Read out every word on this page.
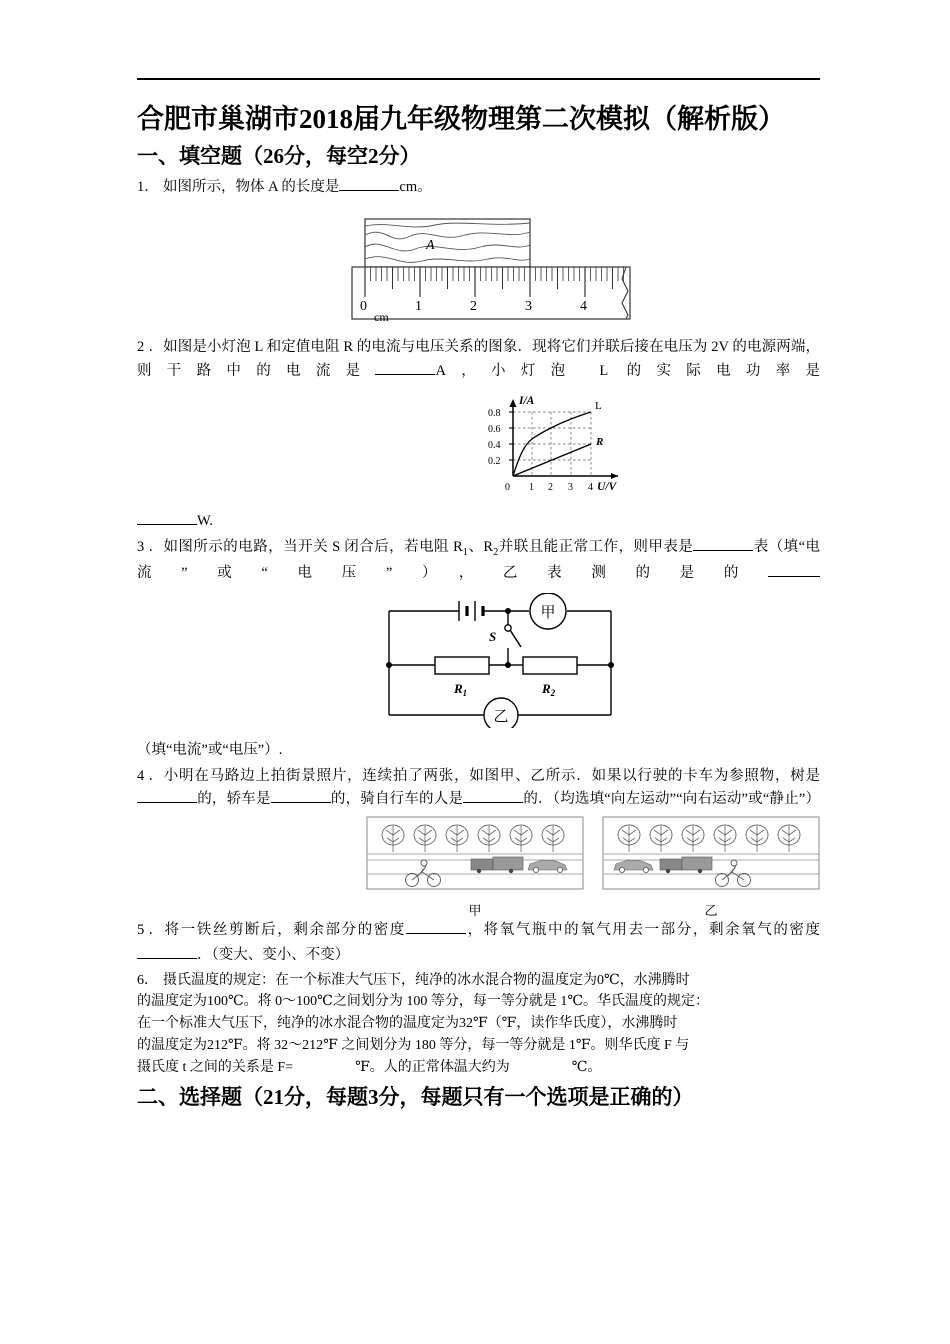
合肥市巢湖市2018届九年级物理第二次模拟（解析版）
一、填空题（26分，每空2分）

1． 如图所示，物体 A 的长度是	cm。

A
0	1	2	3	4
cm

2．如图是小灯泡 L 和定值电阻 R 的电流与电压关系的图象．现将它们并联后接在电压为 2V 的电源两端，则干路中的电流是	A，小灯泡 L 的实际电功率是

I/A
U/V
L
R
0.8
0.6
0.4
0.2
0 1 2 3 4

W.

3．如图所示的电路，当开关 S 闭合后，若电阻 $R_1$、$R_2$并联且能正常工作，则甲表是	表（填“电流”或“电压”），乙表测的是的

S
甲
乙
$R_1$	$R_2$

（填“电流”或“电压”）.

4．小明在马路边上拍街景照片，连续拍了两张，如图甲、乙所示．如果以行驶的卡车为参照物，树是的，轿车是	的，骑自行车的人是	的．（均选填“向左运动”“向右运动”或“静止”）

甲	乙

5．将一铁丝剪断后，剩余部分的密度	，将氧气瓶中的氧气用去一部分，剩余氧气的密度

．（变大、变小、不变）

6． 摄氏温度的规定：在一个标准大气压下，纯净的冰水混合物的温度定为0℃，水沸腾时

的温度定为100℃。将 0～100℃之间划分为 100 等分，每一等分就是 1℃。华氏温度的规定：

在一个标准大气压下，纯净的冰水混合物的温度定为32℉（℉，读作华氏度），水沸腾时

的温度定为212℉。将 32～212℉ 之间划分为 180 等分，每一等分就是 1℉。则华氏度 F 与

摄氏度 t 之间的关系是 F=	℉。人的正常体温大约为	℃。

二、选择题（21分，每题3分，每题只有一个选项是正确的）
